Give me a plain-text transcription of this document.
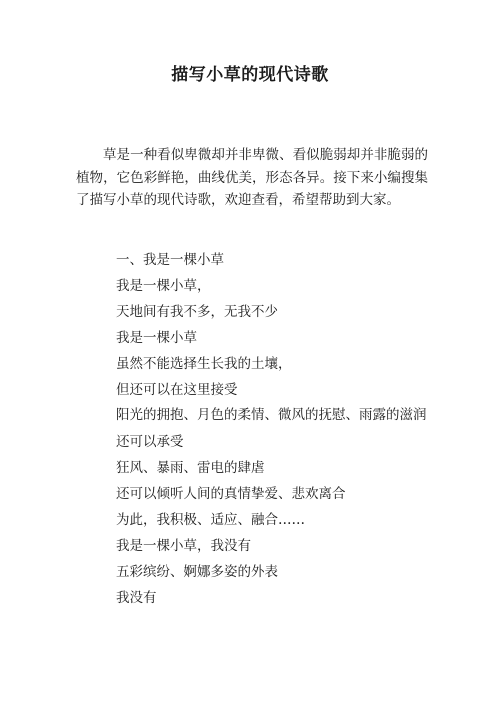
描写小草的现代诗歌

草是一种看似卑微却并非卑微、看似脆弱却并非脆弱的植物，它色彩鲜艳，曲线优美，形态各异。接下来小编搜集了描写小草的现代诗歌，欢迎查看，希望帮助到大家。

一、我是一棵小草
我是一棵小草，
天地间有我不多，无我不少
我是一棵小草
虽然不能选择生长我的土壤，
但还可以在这里接受
阳光的拥抱、月色的柔情、微风的抚慰、雨露的滋润
还可以承受
狂风、暴雨、雷电的肆虐
还可以倾听人间的真情挚爱、悲欢离合
为此，我积极、适应、融合……
我是一棵小草，我没有
五彩缤纷、婀娜多姿的外表
我没有
